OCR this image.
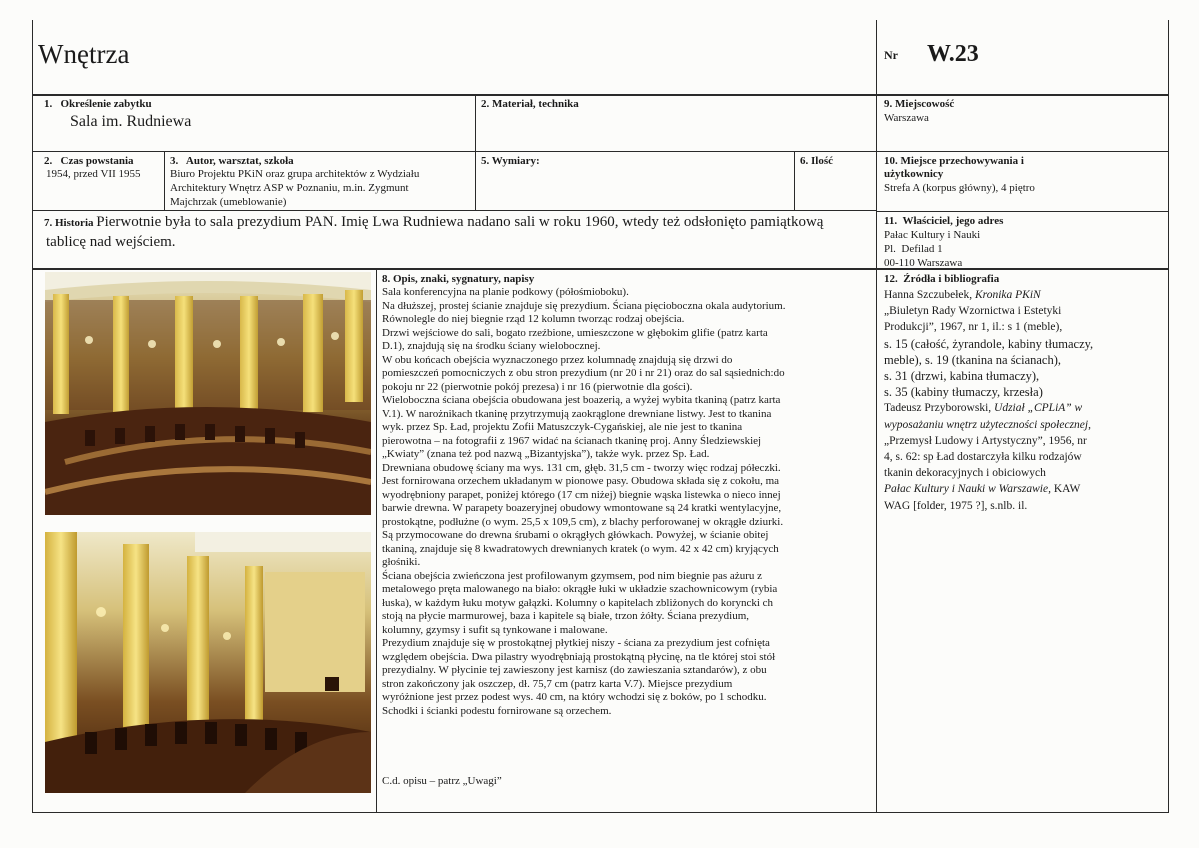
Wnętrza	Nr W.23
1.   Określenie zabytku
Sala im. Rudniewa
2. Materiał, technika	9. Miejscowość
Warszawa
2.   Czas powstania
1954, przed VII 1955
3.   Autor, warsztat, szkoła
Biuro Projektu PKiN oraz grupa architektów z Wydziału
Architektury Wnętrz ASP w Poznaniu, m.in. Zygmunt
Majchrzak (umeblowanie)
5. Wymiary:	6. Ilość	10. Miejsce przechowywania i
użytkownicy
Strefa A (korpus główny), 4 piętro
7. Historia Pierwotnie była to sala prezydium PAN. Imię Lwa Rudniewa nadano sali w roku 1960, wtedy też odsłonięto pamiątkową
tablicę nad wejściem.
11.  Właściciel, jego adres
Pałac Kultury i Nauki
Pl.  Defilad 1
00-110 Warszawa
8. Opis, znaki, sygnatury, napisy
Sala konferencyjna na planie podkowy (półośmioboku).
Na dłuższej, prostej ścianie znajduje się prezydium. Ściana pięcioboczna okala audytorium.
Równolegle do niej biegnie rząd 12 kolumn tworząc rodzaj obejścia.
Drzwi wejściowe do sali, bogato rzeźbione, umieszczone w głębokim glifie (patrz karta
D.1), znajdują się na środku ściany wielobocznej.
W obu końcach obejścia wyznaczonego przez kolumnadę znajdują się drzwi do
pomieszczeń pomocniczych z obu stron prezydium (nr 20 i nr 21) oraz do sal sąsiednich:do
pokoju nr 22 (pierwotnie pokój prezesa) i nr 16 (pierwotnie dla gości).
Wieloboczna ściana obejścia obudowana jest boazerią, a wyżej wybita tkaniną (patrz karta
V.1). W narożnikach tkaninę przytrzymują zaokrąglone drewniane listwy. Jest to tkanina
wyk. przez Sp. Ład, projektu Zofii Matuszczyk-Cygańskiej, ale nie jest to tkanina
pierowotna – na fotografii z 1967 widać na ścianach tkaninę proj. Anny Śledziewskiej
„Kwiaty” (znana też pod nazwą „Bizantyjska”), także wyk. przez Sp. Ład.
Drewniana obudowę ściany ma wys. 131 cm, głęb. 31,5 cm - tworzy więc rodzaj półeczki.
Jest fornirowana orzechem układanym w pionowe pasy. Obudowa składa się z cokołu, ma
wyodrębniony parapet, poniżej którego (17 cm niżej) biegnie wąska listewka o nieco innej
barwie drewna. W parapety boazeryjnej obudowy wmontowane są 24 kratki wentylacyjne,
prostokątne, podłużne (o wym. 25,5 x 109,5 cm), z blachy perforowanej w okrągłe dziurki.
Są przymocowane do drewna śrubami o okrągłych główkach. Powyżej, w ścianie obitej
tkaniną, znajduje się 8 kwadratowych drewnianych kratek (o wym. 42 x 42 cm) kryjących
głośniki.
Ściana obejścia zwieńczona jest profilowanym gzymsem, pod nim biegnie pas ażuru z
metalowego pręta malowanego na biało: okrągłe łuki w układzie szachownicowym (rybia
łuska), w każdym łuku motyw gałązki. Kolumny o kapitelach zbliżonych do koryncki ch
stoją na płycie marmurowej, baza i kapitele są białe, trzon żółty. Ściana prezydium,
kolumny, gzymsy i sufit są tynkowane i malowane.
Prezydium znajduje się w prostokątnej płytkiej niszy - ściana za prezydium jest cofnięta
względem obejścia. Dwa pilastry wyodrębniają prostokątną płycinę, na tle której stoi stół
prezydialny. W płycinie tej zawieszony jest karnisz (do zawieszania sztandarów), z obu
stron zakończony jak oszczep, dł. 75,7 cm (patrz karta V.7). Miejsce prezydium
wyróżnione jest przez podest wys. 40 cm, na który wchodzi się z boków, po 1 schodku.
Schodki i ścianki podestu fornirowane są orzechem.
C.d. opisu – patrz „Uwagi”
12.  Źródła i bibliografia
Hanna Szczubełek, Kronika PKiN
„Biuletyn Rady Wzornictwa i Estetyki
Produkcji”, 1967, nr 1, il.: s 1 (meble),
s. 15 (całość, żyrandole, kabiny tłumaczy,
meble), s. 19 (tkanina na ścianach),
s. 31 (drzwi, kabina tłumaczy),
s. 35 (kabiny tłumaczy, krzesła)
Tadeusz Przyborowski, Udział „CPLiA” w
wyposażaniu wnętrz użyteczności społecznej,
„Przemysł Ludowy i Artystyczny”, 1956, nr
4, s. 62: sp Ład dostarczyła kilku rodzajów
tkanin dekoracyjnych i obiciowych
Pałac Kultury i Nauki w Warszawie, KAW
WAG [folder, 1975 ?], s.nlb. il.
